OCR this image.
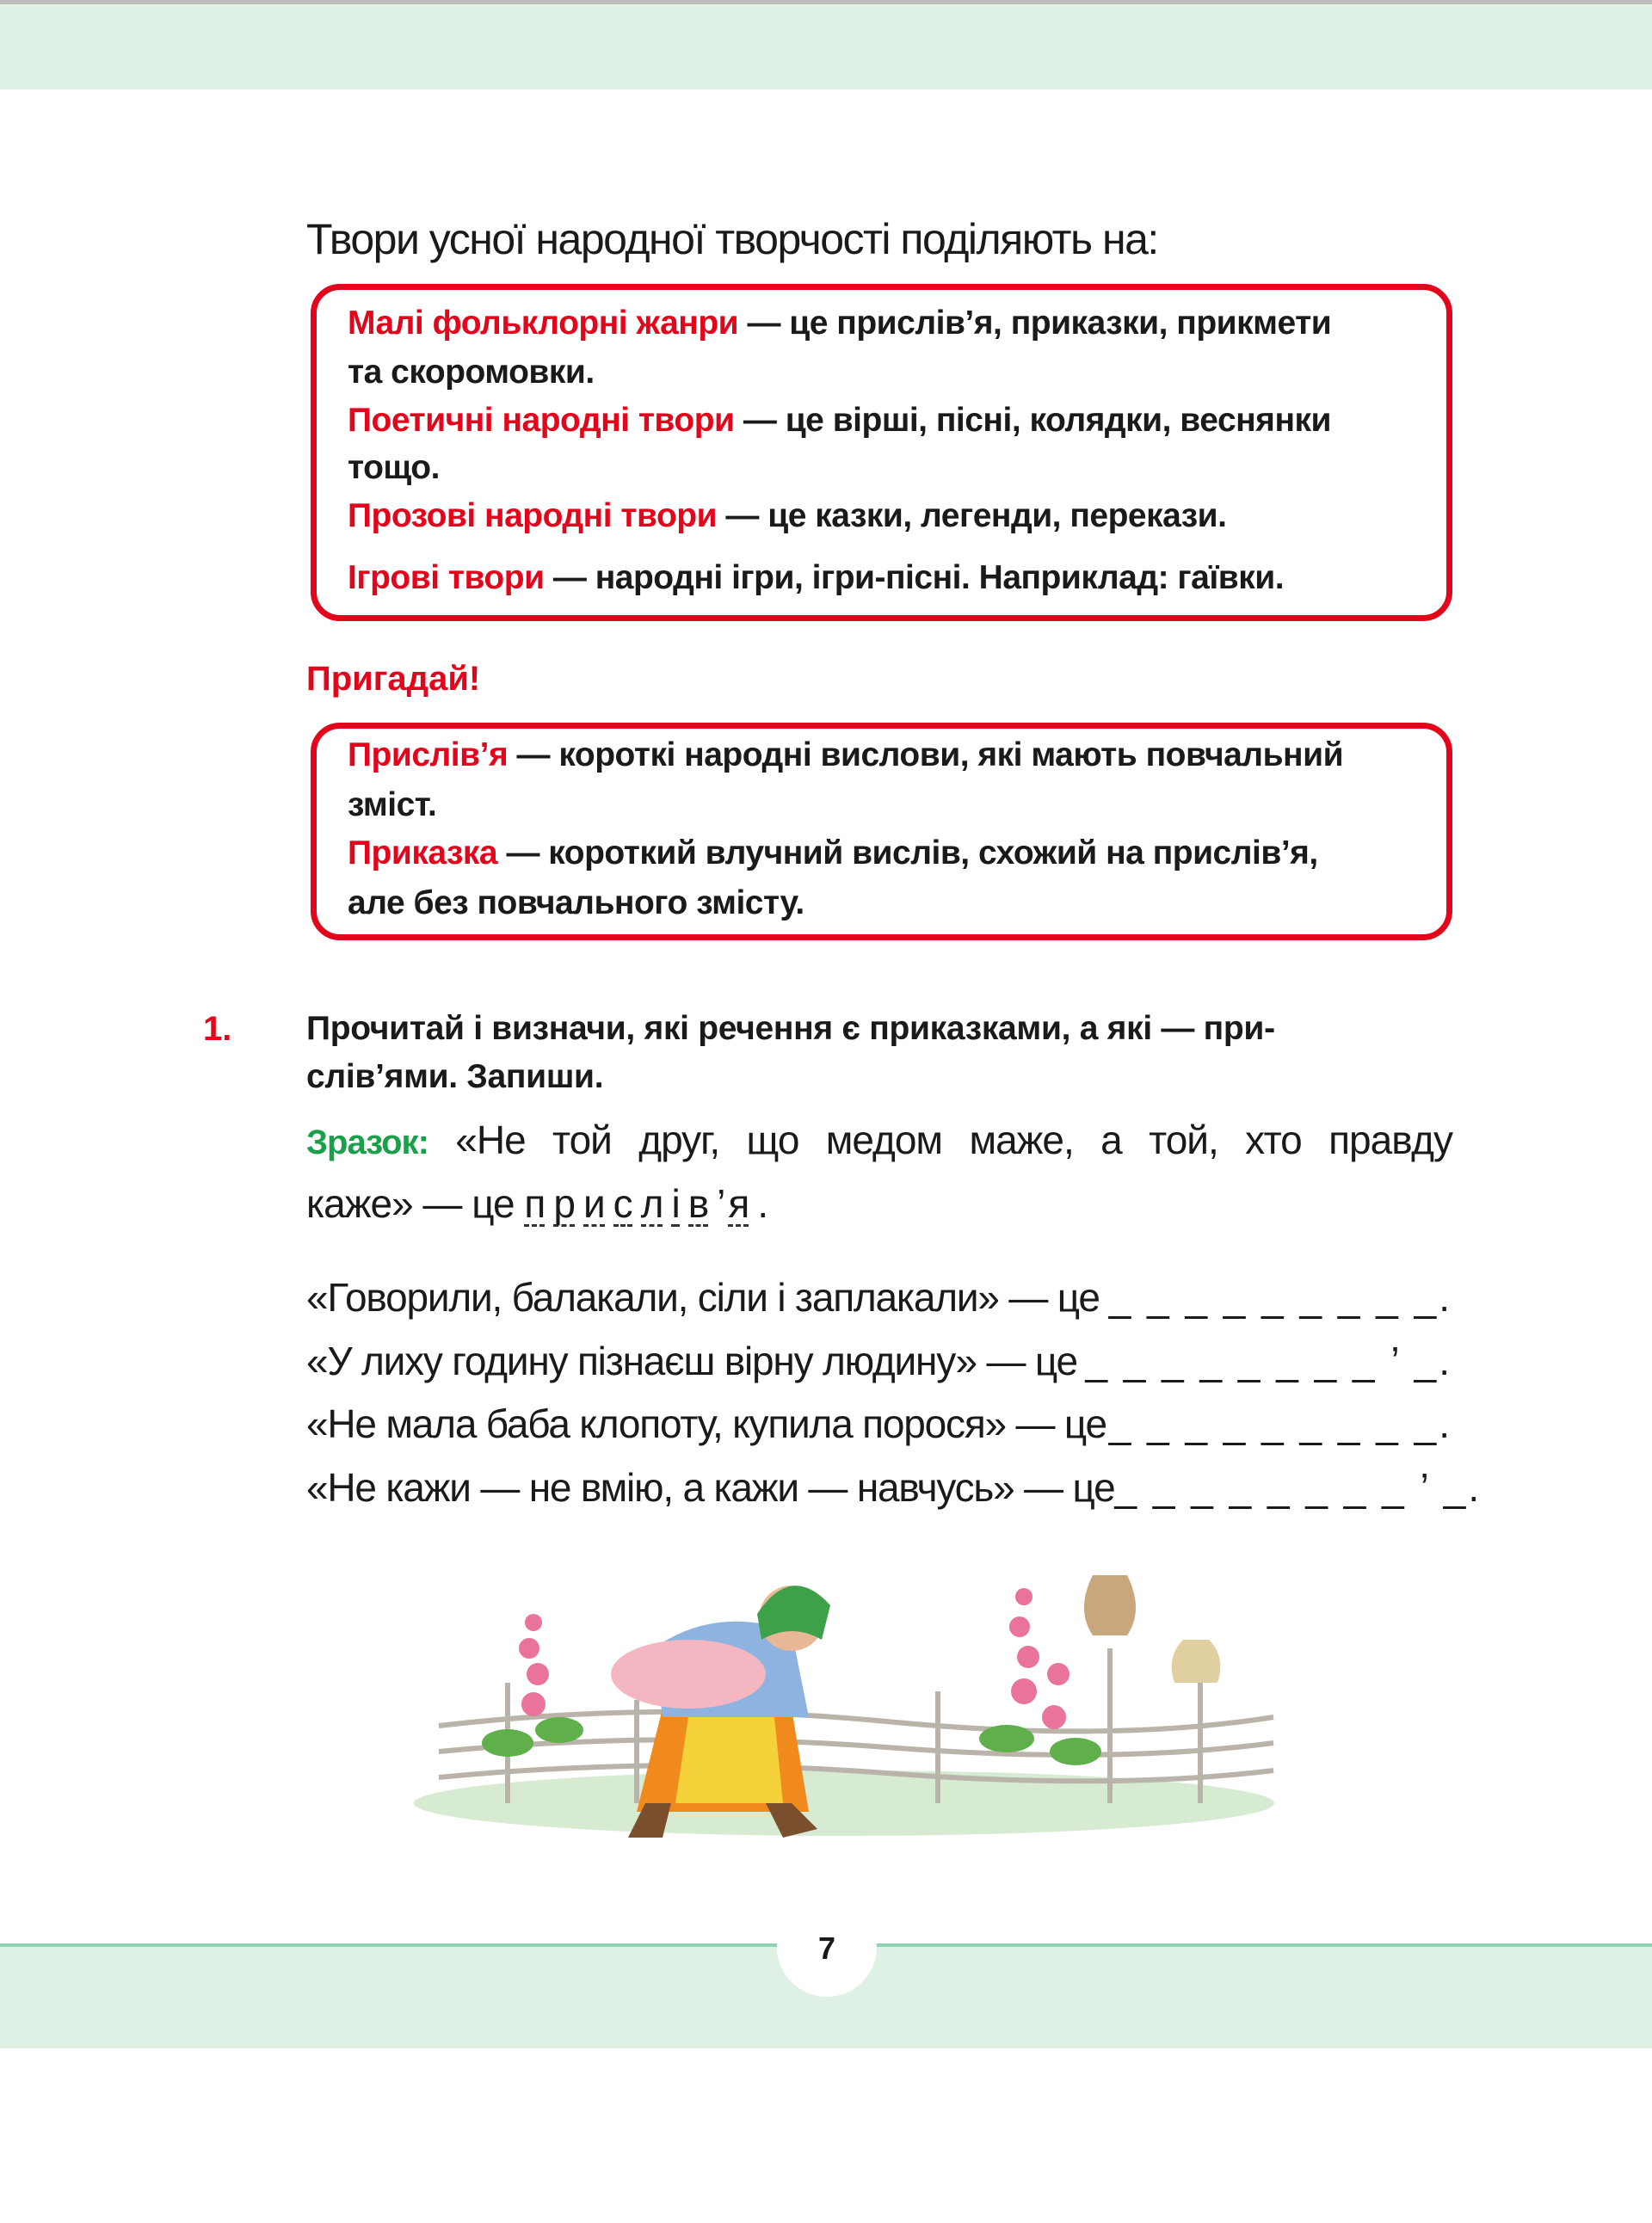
Твори усної народної творчості поділяють на:
Малі фольклорні жанри — це прислів’я, приказки, прикмети
та скоромовки.
Поетичні народні твори — це вірші, пісні, колядки, веснянки
тощо.
Прозові народні твори — це казки, легенди, перекази.
Ігрові твори — народні ігри, ігри-пісні. Наприклад: гаївки.
Пригадай!
Прислів’я — короткі народні вислови, які мають повчальний
зміст.
Приказка — короткий влучний вислів, схожий на прислів’я,
але без повчального змісту.
1. Прочитай і визначи, які речення є приказками, а які — при-
слів’ями. Запиши.
Зразок: «Не той друг, що медом маже, а той, хто правду
каже» — це п р и с л і в ’я .
«Говорили, балакали, сіли і заплакали» — це _ _ _ _ _ _ _ _ _.
«У лиху годину пізнаєш вірну людину» — це _ _ _ _ _ _ _ _ ’ _.
«Не мала баба клопоту, купила порося» — це _ _ _ _ _ _ _ _ _.
«Не кажи — не вмію, а кажи — навчусь» — це _ _ _ _ _ _ _ _ ’ _.
7
